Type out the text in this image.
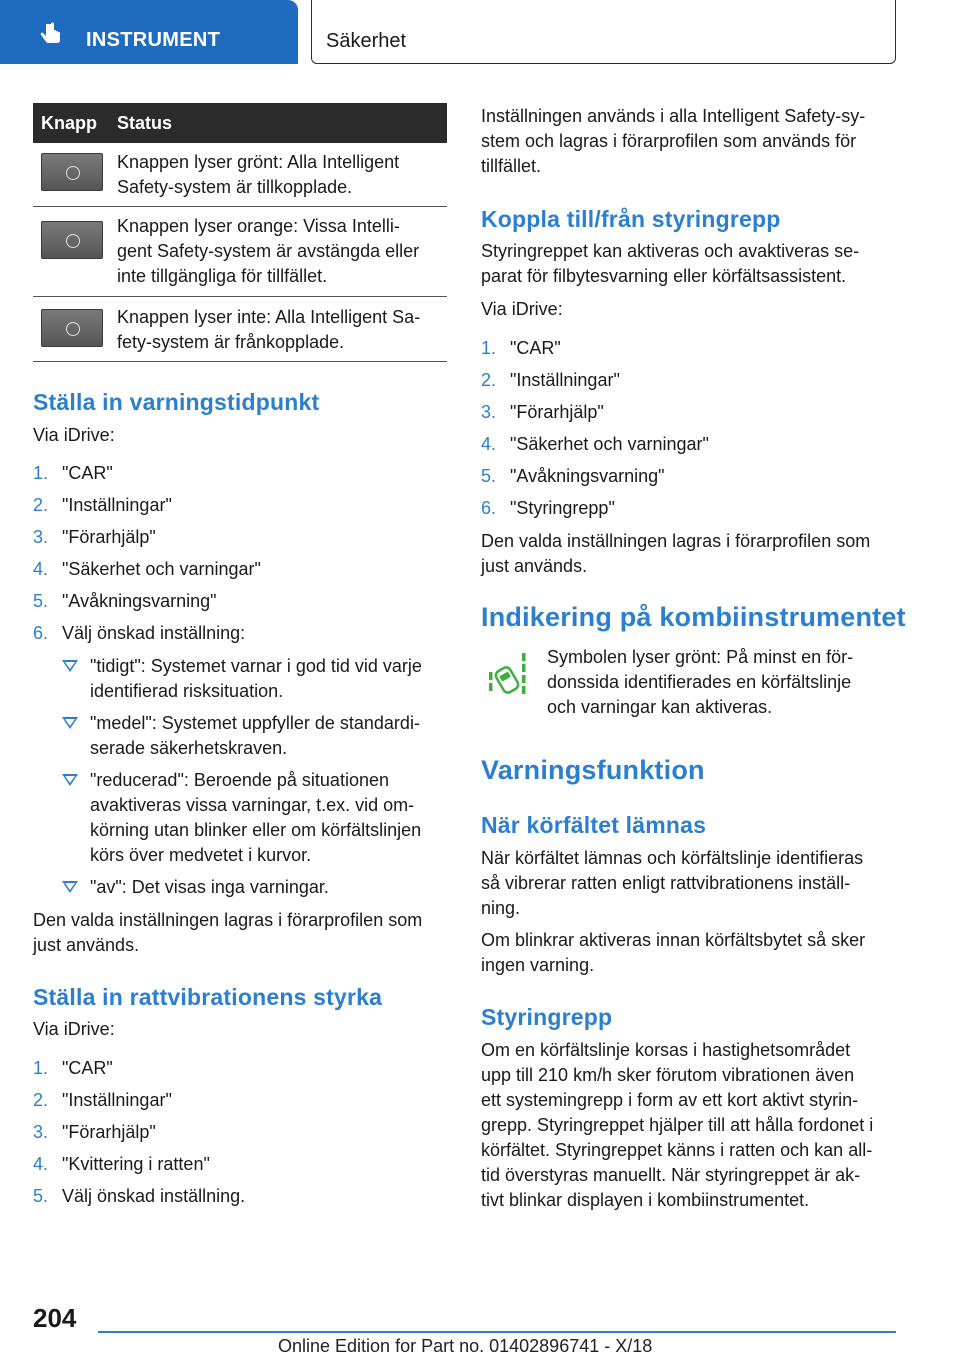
INSTRUMENT	Säkerhet
Knapp	Status
Knappen lyser grönt: Alla Intelligent
Safety-system är tillkopplade.
Knappen lyser orange: Vissa Intelli-
gent Safety-system är avstängda eller
inte tillgängliga för tillfället.
Knappen lyser inte: Alla Intelligent Sa-
fety-system är frånkopplade.
Ställa in varningstidpunkt
Via iDrive:
1. "CAR"
2. "Inställningar"
3. "Förarhjälp"
4. "Säkerhet och varningar"
5. "Avåkningsvarning"
6. Välj önskad inställning:
"tidigt": Systemet varnar i god tid vid varje
identifierad risksituation.
"medel": Systemet uppfyller de standardi-
serade säkerhetskraven.
"reducerad": Beroende på situationen
avaktiveras vissa varningar, t.ex. vid om-
körning utan blinker eller om körfältslinjen
körs över medvetet i kurvor.
"av": Det visas inga varningar.
Den valda inställningen lagras i förarprofilen som
just används.
Ställa in rattvibrationens styrka
Via iDrive:
1. "CAR"
2. "Inställningar"
3. "Förarhjälp"
4. "Kvittering i ratten"
5. Välj önskad inställning.
Inställningen används i alla Intelligent Safety-sy-
stem och lagras i förarprofilen som används för
tillfället.
Koppla till/från styringrepp
Styringreppet kan aktiveras och avaktiveras se-
parat för filbytesvarning eller körfältsassistent.
Via iDrive:
1. "CAR"
2. "Inställningar"
3. "Förarhjälp"
4. "Säkerhet och varningar"
5. "Avåkningsvarning"
6. "Styringrepp"
Den valda inställningen lagras i förarprofilen som
just används.
Indikering på kombiinstrumentet
Symbolen lyser grönt: På minst en för-
donssida identifierades en körfältslinje
och varningar kan aktiveras.
Varningsfunktion
När körfältet lämnas
När körfältet lämnas och körfältslinje identifieras
så vibrerar ratten enligt rattvibrationens inställ-
ning.
Om blinkrar aktiveras innan körfältsbytet så sker
ingen varning.
Styringrepp
Om en körfältslinje korsas i hastighetsområdet
upp till 210 km/h sker förutom vibrationen även
ett systemingrepp i form av ett kort aktivt styrin-
grepp. Styringreppet hjälper till att hålla fordonet i
körfältet. Styringreppet känns i ratten och kan all-
tid överstyras manuellt. När styringreppet är ak-
tivt blinkar displayen i kombiinstrumentet.
204
Online Edition for Part no. 01402896741 - X/18
